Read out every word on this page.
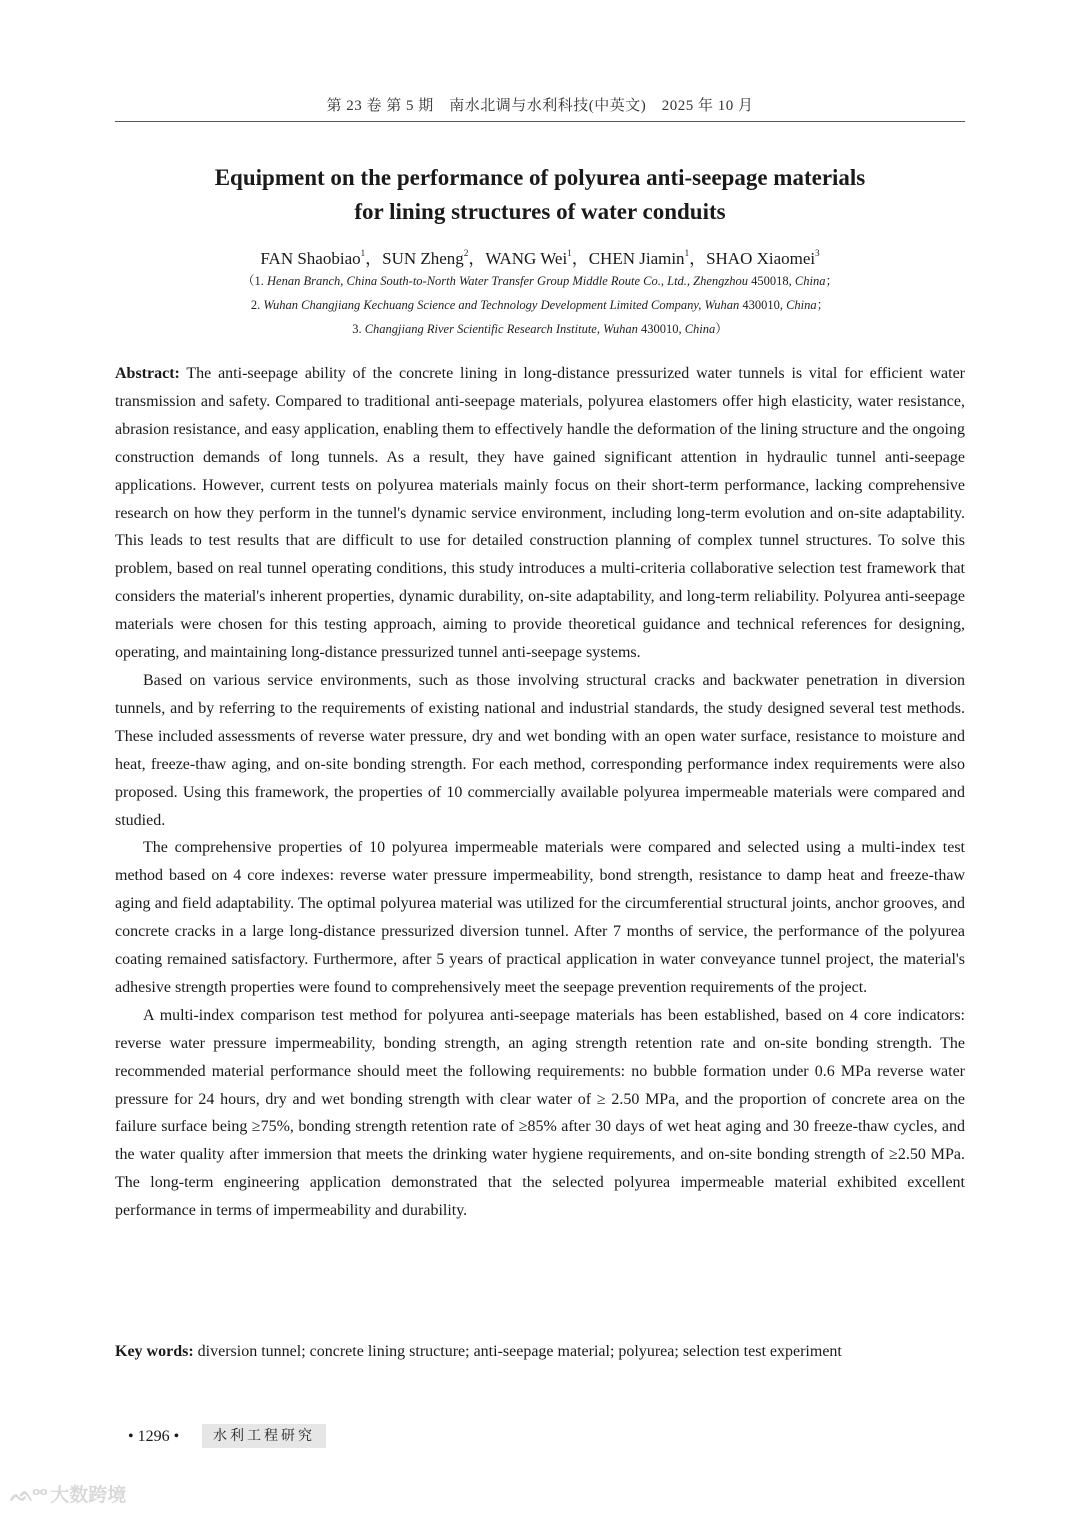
第 23 卷 第 5 期　南水北调与水利科技(中英文)　2025 年 10 月
Equipment on the performance of polyurea anti-seepage materials
for lining structures of water conduits
FAN Shaobiao$^1$，SUN Zheng$^2$，WANG Wei$^1$，CHEN Jiamin$^1$，SHAO Xiaomei$^3$
（1. Henan Branch, China South-to-North Water Transfer Group Middle Route Co., Ltd., Zhengzhou 450018, China；
2. Wuhan Changjiang Kechuang Science and Technology Development Limited Company, Wuhan 430010, China；
3. Changjiang River Scientific Research Institute, Wuhan 430010, China）

Abstract: The anti-seepage ability of the concrete lining in long-distance pressurized water tunnels is vital for efficient water transmission and safety. Compared to traditional anti-seepage materials, polyurea elastomers offer high elasticity, water resistance, abrasion resistance, and easy application, enabling them to effectively handle the deformation of the lining structure and the ongoing construction demands of long tunnels. As a result, they have gained significant attention in hydraulic tunnel anti-seepage applications. However, current tests on polyurea materials mainly focus on their short-term performance, lacking comprehensive research on how they perform in the tunnel's dynamic service environment, including long-term evolution and on-site adaptability. This leads to test results that are difficult to use for detailed construction planning of complex tunnel structures. To solve this problem, based on real tunnel operating conditions, this study introduces a multi-criteria collaborative selection test framework that considers the material's inherent properties, dynamic durability, on-site adaptability, and long-term reliability. Polyurea anti-seepage materials were chosen for this testing approach, aiming to provide theoretical guidance and technical references for designing, operating, and maintaining long-distance pressurized tunnel anti-seepage systems.

Based on various service environments, such as those involving structural cracks and backwater penetration in diversion tunnels, and by referring to the requirements of existing national and industrial standards, the study designed several test methods. These included assessments of reverse water pressure, dry and wet bonding with an open water surface, resistance to moisture and heat, freeze-thaw aging, and on-site bonding strength. For each method, corresponding performance index requirements were also proposed. Using this framework, the properties of 10 commercially available polyurea impermeable materials were compared and studied.

The comprehensive properties of 10 polyurea impermeable materials were compared and selected using a multi-index test method based on 4 core indexes: reverse water pressure impermeability, bond strength, resistance to damp heat and freeze-thaw aging and field adaptability. The optimal polyurea material was utilized for the circumferential structural joints, anchor grooves, and concrete cracks in a large long-distance pressurized diversion tunnel. After 7 months of service, the performance of the polyurea coating remained satisfactory. Furthermore, after 5 years of practical application in water conveyance tunnel project, the material's adhesive strength properties were found to comprehensively meet the seepage prevention requirements of the project.

A multi-index comparison test method for polyurea anti-seepage materials has been established, based on 4 core indicators: reverse water pressure impermeability, bonding strength, an aging strength retention rate and on-site bonding strength. The recommended material performance should meet the following requirements: no bubble formation under 0.6 MPa reverse water pressure for 24 hours, dry and wet bonding strength with clear water of ≥ 2.50 MPa, and the proportion of concrete area on the failure surface being ≥75%, bonding strength retention rate of ≥85% after 30 days of wet heat aging and 30 freeze-thaw cycles, and the water quality after immersion that meets the drinking water hygiene requirements, and on-site bonding strength of ≥2.50 MPa. The long-term engineering application demonstrated that the selected polyurea impermeable material exhibited excellent performance in terms of impermeability and durability.

Key words: diversion tunnel; concrete lining structure; anti-seepage material; polyurea; selection test experiment
• 1296 •	水利工程研究
ᨒᵒᵒ 大数跨境
